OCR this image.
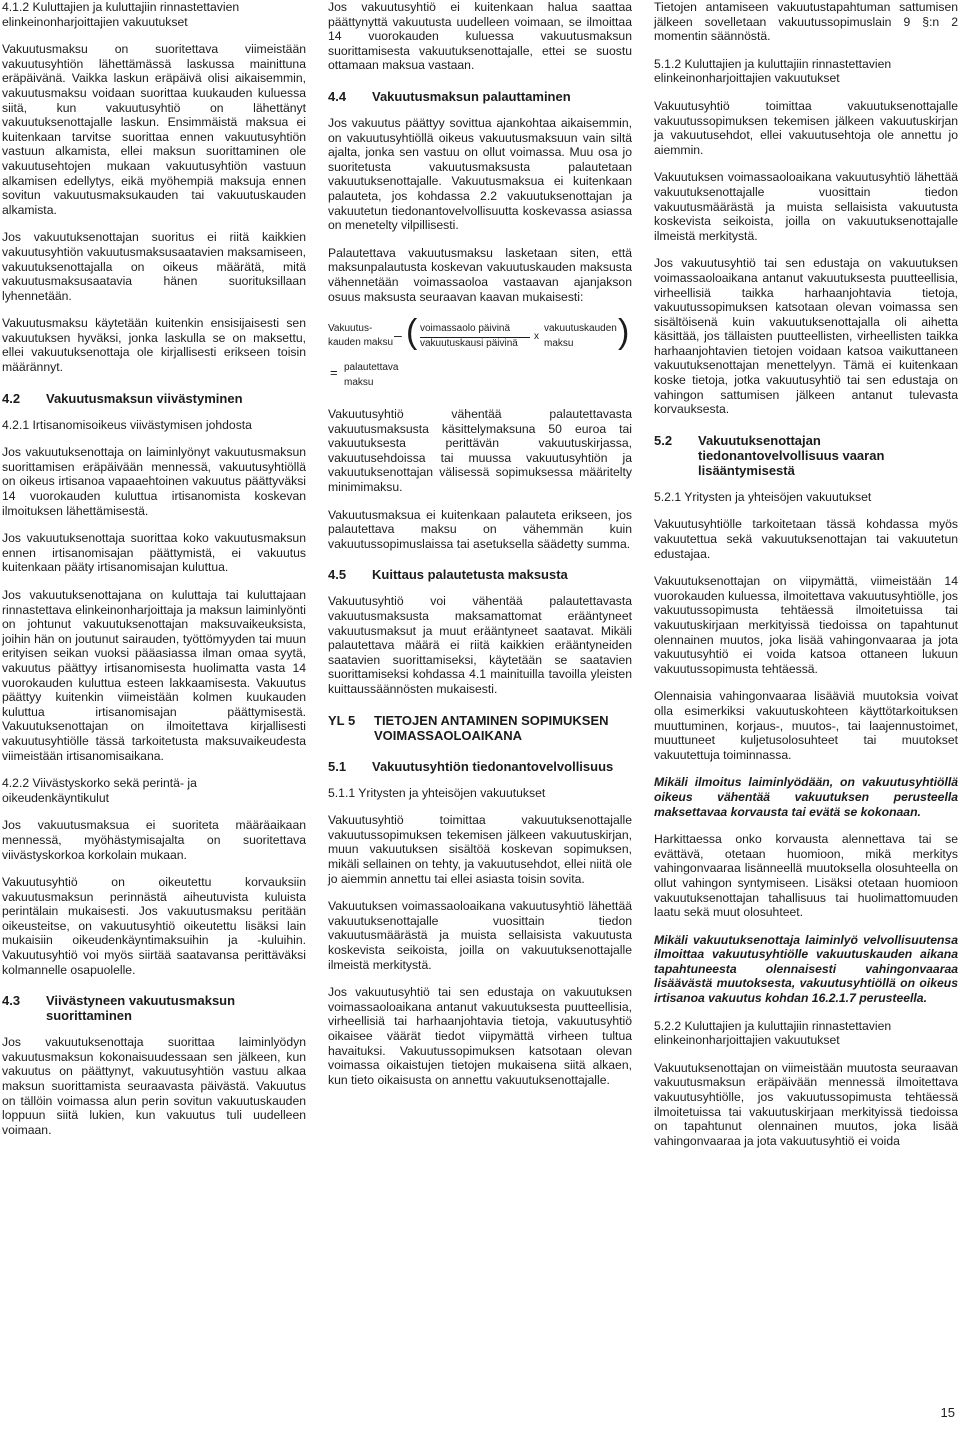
4.1.2 Kuluttajien ja kuluttajiin rinnastettavien elinkeinonharjoittajien vakuutukset

Vakuutusmaksu on suoritettava viimeistään vakuutusyhtiön lähettämässä laskussa mainittuna eräpäivänä. Vaikka laskun eräpäivä olisi aikaisemmin, vakuutusmaksu voidaan suorittaa kuukauden kuluessa siitä, kun vakuutusyhtiö on lähettänyt vakuutuksenottajalle laskun. Ensimmäistä maksua ei kuitenkaan tarvitse suorittaa ennen vakuutusyhtiön vastuun alkamista, ellei maksun suorittaminen ole vakuutusehtojen mukaan vakuutusyhtiön vastuun alkamisen edellytys, eikä myöhempiä maksuja ennen sovitun vakuutusmaksukauden tai vakuutuskauden alkamista.

Jos vakuutuksenottajan suoritus ei riitä kaikkien vakuutusyhtiön vakuutusmaksusaatavien maksamiseen, vakuutuksenottajalla on oikeus määrätä, mitä vakuutusmaksusaatavia hänen suorituksillaan lyhennetään.

Vakuutusmaksu käytetään kuitenkin ensisijaisesti sen vakuutuksen hyväksi, jonka laskulla se on maksettu, ellei vakuutuksenottaja ole kirjallisesti erikseen toisin määrännyt.

4.2	Vakuutusmaksun viivästyminen

4.2.1 Irtisanomisoikeus viivästymisen johdosta

Jos vakuutuksenottaja on laiminlyönyt vakuutusmaksun suorittamisen eräpäivään mennessä, vakuutusyhtiöllä on oikeus irtisanoa vapaaehtoinen vakuutus päättyväksi 14 vuorokauden kuluttua irtisanomista koskevan ilmoituksen lähettämisestä.

Jos vakuutuksenottaja suorittaa koko vakuutusmaksun ennen irtisanomisajan päättymistä, ei vakuutus kuitenkaan pääty irtisanomisajan kuluttua.

Jos vakuutuksenottajana on kuluttaja tai kuluttajaan rinnastettava elinkeinonharjoittaja ja maksun laiminlyönti on johtunut vakuutuksenottajan maksuvaikeuksista, joihin hän on joutunut sairauden, työttömyyden tai muun erityisen seikan vuoksi pääasiassa ilman omaa syytä, vakuutus päättyy irtisanomisesta huolimatta vasta 14 vuorokauden kuluttua esteen lakkaamisesta. Vakuutus päättyy kuitenkin viimeistään kolmen kuukauden kuluttua irtisanomisajan päättymisestä. Vakuutuksenottajan on ilmoitettava kirjallisesti vakuutusyhtiölle tässä tarkoitetusta maksuvaikeudesta viimeistään irtisanomisaikana.

4.2.2 Viivästyskorko sekä perintä- ja oikeudenkäyntikulut

Jos vakuutusmaksua ei suoriteta määräaikaan mennessä, myöhästymisajalta on suoritettava viivästyskorkoa korkolain mukaan.

Vakuutusyhtiö on oikeutettu korvauksiin vakuutusmaksun perinnästä aiheutuvista kuluista perintälain mukaisesti. Jos vakuutusmaksu peritään oikeusteitse, on vakuutusyhtiö oikeutettu lisäksi lain mukaisiin oikeudenkäyntimaksuihin ja -kuluihin. Vakuutusyhtiö voi myös siirtää saatavansa perittäväksi kolmannelle osapuolelle.

4.3	Viivästyneen vakuutusmaksun suorittaminen

Jos vakuutuksenottaja suorittaa laiminlyödyn vakuutusmaksun kokonaisuudessaan sen jälkeen, kun vakuutus on päättynyt, vakuutusyhtiön vastuu alkaa maksun suorittamista seuraavasta päivästä. Vakuutus on tällöin voimassa alun perin sovitun vakuutuskauden loppuun siitä lukien, kun vakuutus tuli uudelleen voimaan.

Jos vakuutusyhtiö ei kuitenkaan halua saattaa päättynyttä vakuutusta uudelleen voimaan, se ilmoittaa 14 vuorokauden kuluessa vakuutusmaksun suorittamisesta vakuutuksenottajalle, ettei se suostu ottamaan maksua vastaan.

4.4	Vakuutusmaksun palauttaminen

Jos vakuutus päättyy sovittua ajankohtaa aikaisemmin, on vakuutusyhtiöllä oikeus vakuutusmaksuun vain siltä ajalta, jonka sen vastuu on ollut voimassa. Muu osa jo suoritetusta vakuutusmaksusta palautetaan vakuutuksenottajalle. Vakuutusmaksua ei kuitenkaan palauteta, jos kohdassa 2.2 vakuutuksenottajan ja vakuutetun tiedonantovelvollisuutta koskevassa asiassa on menetelty vilpillisesti.

Palautettava vakuutusmaksu lasketaan siten, että maksunpalautusta koskevan vakuutuskauden maksusta vähennetään voimassaoloa vastaavan ajanjakson osuus maksusta seuraavan kaavan mukaisesti:

Vakuutus-
kauden maksu – ( voimassaolo päivinä
vakuutuskausi päivinä
x
vakuutuskauden
maksu )
= palautettava
maksu

Vakuutusyhtiö vähentää palautettavasta vakuutusmaksusta käsittelymaksuna 50 euroa tai vakuutuksesta perittävän vakuutuskirjassa, vakuutusehdoissa tai muussa vakuutusyhtiön ja vakuutuksenottajan välisessä sopimuksessa määritelty minimimaksu.

Vakuutusmaksua ei kuitenkaan palauteta erikseen, jos palautettava maksu on vähemmän kuin vakuutussopimuslaissa tai asetuksella säädetty summa.

4.5	Kuittaus palautetusta maksusta

Vakuutusyhtiö voi vähentää palautettavasta vakuutusmaksusta maksamattomat erääntyneet vakuutusmaksut ja muut erääntyneet saatavat. Mikäli palautettava määrä ei riitä kaikkien erääntyneiden saatavien suorittamiseksi, käytetään se saatavien suorittamiseksi kohdassa 4.1 mainituilla tavoilla yleisten kuittaussäännösten mukaisesti.

YL 5	TIETOJEN ANTAMINEN SOPIMUKSEN VOIMASSAOLOAIKANA
5.1	Vakuutusyhtiön tiedonantovelvollisuus

5.1.1 Yritysten ja yhteisöjen vakuutukset

Vakuutusyhtiö toimittaa vakuutuksenottajalle vakuutussopimuksen tekemisen jälkeen vakuutuskirjan, muun vakuutuksen sisältöä koskevan sopimuksen, mikäli sellainen on tehty, ja vakuutusehdot, ellei niitä ole jo aiemmin annettu tai ellei asiasta toisin sovita.

Vakuutuksen voimassaoloaikana vakuutusyhtiö lähettää vakuutuksenottajalle vuosittain tiedon vakuutusmäärästä ja muista sellaisista vakuutusta koskevista seikoista, joilla on vakuutuksenottajalle ilmeistä merkitystä.

Jos vakuutusyhtiö tai sen edustaja on vakuutuksen voimassaoloaikana antanut vakuutuksesta puutteellisia, virheellisiä tai harhaanjohtavia tietoja, vakuutusyhtiö oikaisee väärät tiedot viipymättä virheen tultua havaituksi. Vakuutussopimuksen katsotaan olevan voimassa oikaistujen tietojen mukaisena siitä alkaen, kun tieto oikaisusta on annettu vakuutuksenottajalle.

Tietojen antamiseen vakuutustapahtuman sattumisen jälkeen sovelletaan vakuutussopimuslain 9 §:n 2 momentin säännöstä.

5.1.2 Kuluttajien ja kuluttajiin rinnastettavien elinkeinonharjoittajien vakuutukset

Vakuutusyhtiö toimittaa vakuutuksenottajalle vakuutussopimuksen tekemisen jälkeen vakuutuskirjan ja vakuutusehdot, ellei vakuutusehtoja ole annettu jo aiemmin.

Vakuutuksen voimassaoloaikana vakuutusyhtiö lähettää vakuutuksenottajalle vuosittain tiedon vakuutusmäärästä ja muista sellaisista vakuutusta koskevista seikoista, joilla on vakuutuksenottajalle ilmeistä merkitystä.

Jos vakuutusyhtiö tai sen edustaja on vakuutuksen voimassaoloaikana antanut vakuutuksesta puutteellisia, virheellisiä taikka harhaanjohtavia tietoja, vakuutussopimuksen katsotaan olevan voimassa sen sisältöisenä kuin vakuutuksenottajalla oli aihetta käsittää, jos tällaisten puutteellisten, virheellisten taikka harhaanjohtavien tietojen voidaan katsoa vaikuttaneen vakuutuksenottajan menettelyyn. Tämä ei kuitenkaan koske tietoja, jotka vakuutusyhtiö tai sen edustaja on vahingon sattumisen jälkeen antanut tulevasta korvauksesta.

5.2	Vakuutuksenottajan tiedonantovelvollisuus vaaran lisääntymisestä

5.2.1 Yritysten ja yhteisöjen vakuutukset

Vakuutusyhtiölle tarkoitetaan tässä kohdassa myös vakuutettua sekä vakuutuksenottajan tai vakuutetun edustajaa.

Vakuutuksenottajan on viipymättä, viimeistään 14 vuorokauden kuluessa, ilmoitettava vakuutusyhtiölle, jos vakuutussopimusta tehtäessä ilmoitetuissa tai vakuutuskirjaan merkityissä tiedoissa on tapahtunut olennainen muutos, joka lisää vahingonvaaraa ja jota vakuutusyhtiö ei voida katsoa ottaneen lukuun vakuutussopimusta tehtäessä.

Olennaisia vahingonvaaraa lisääviä muutoksia voivat olla esimerkiksi vakuutuskohteen käyttötarkoituksen muuttuminen, korjaus-, muutos-, tai laajennustoimet, muuttuneet kuljetusolosuhteet tai muutokset vakuutettuja toiminnassa.

Mikäli ilmoitus laiminlyödään, on vakuutusyhtiöllä oikeus vähentää vakuutuksen perusteella maksettavaa korvausta tai evätä se kokonaan.

Harkittaessa onko korvausta alennettava tai se evättävä, otetaan huomioon, mikä merkitys vahingonvaaraa lisänneellä muutoksella olosuhteella on ollut vahingon syntymiseen. Lisäksi otetaan huomioon vakuutuksenottajan tahallisuus tai huolimattomuuden laatu sekä muut olosuhteet.

Mikäli vakuutuksenottaja laiminlyö velvollisuutensa ilmoittaa vakuutusyhtiölle vakuutuskauden aikana tapahtuneesta olennaisesti vahingonvaaraa lisäävästä muutoksesta, vakuutusyhtiöllä on oikeus irtisanoa vakuutus kohdan 16.2.1.7 perusteella.

5.2.2 Kuluttajien ja kuluttajiin rinnastettavien elinkeinonharjoittajien vakuutukset

Vakuutuksenottajan on viimeistään muutosta seuraavan vakuutusmaksun eräpäivään mennessä ilmoitettava vakuutusyhtiölle, jos vakuutussopimusta tehtäessä ilmoitetuissa tai vakuutuskirjaan merkityissä tiedoissa on tapahtunut olennainen muutos, joka lisää vahingonvaaraa ja jota vakuutusyhtiö ei voida

15
